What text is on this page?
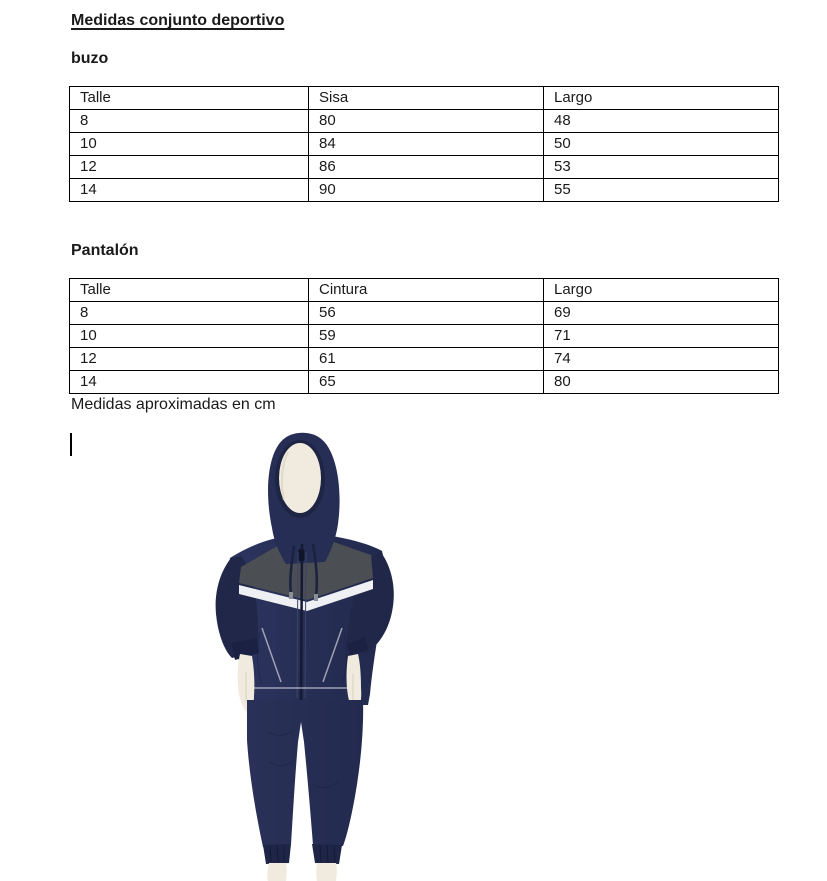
Medidas conjunto deportivo
buzo
Talle	Sisa	Largo
8	80	48
10	84	50
12	86	53
14	90	55
Pantalón
Talle	Cintura	Largo
8	56	69
10	59	71
12	61	74
14	65	80
Medidas aproximadas en cm
